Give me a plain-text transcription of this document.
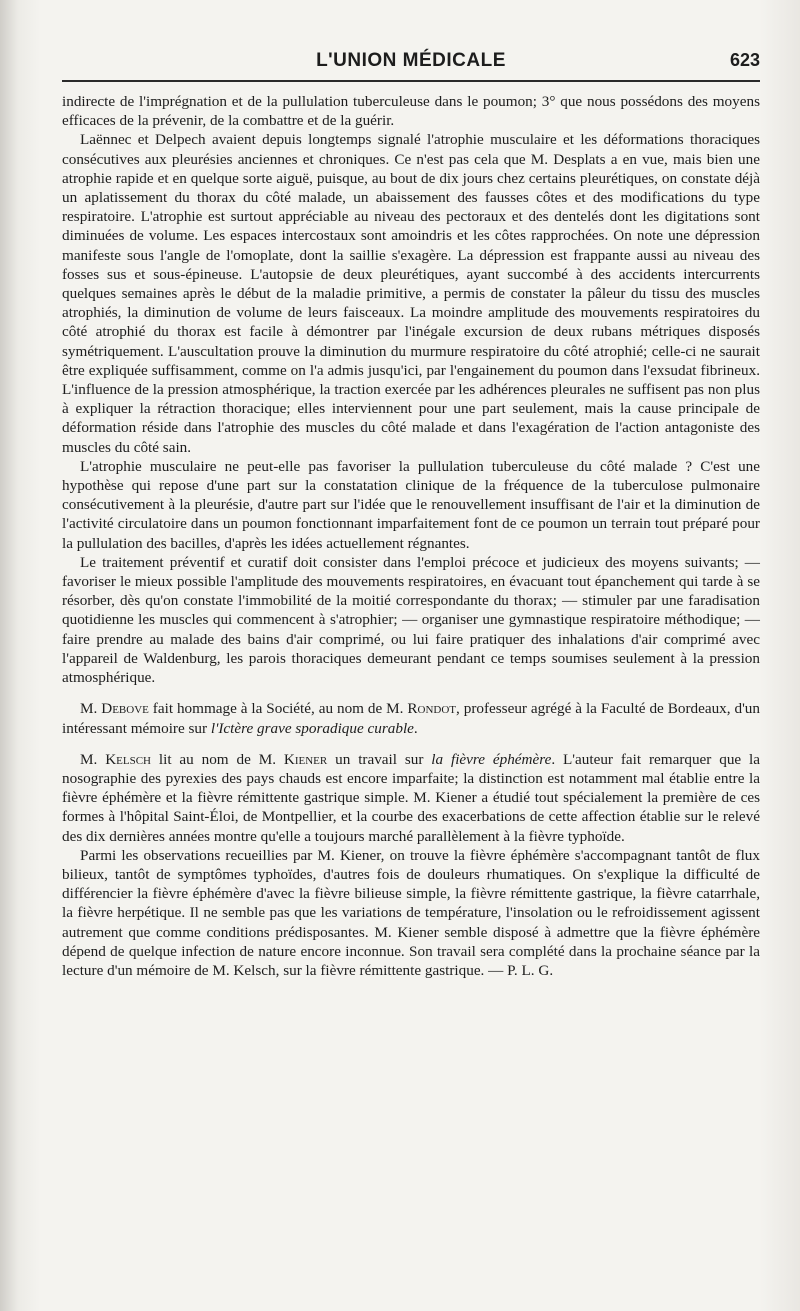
L'UNION MÉDICALE	623

indirecte de l'imprégnation et de la pullulation tuberculeuse dans le poumon; 3° que nous possédons des moyens efficaces de la prévenir, de la combattre et de la guérir.

Laënnec et Delpech avaient depuis longtemps signalé l'atrophie musculaire et les déformations thoraciques consécutives aux pleurésies anciennes et chroniques. Ce n'est pas cela que M. Desplats a en vue, mais bien une atrophie rapide et en quelque sorte aiguë, puisque, au bout de dix jours chez certains pleurétiques, on constate déjà un aplatissement du thorax du côté malade, un abaissement des fausses côtes et des modifications du type respiratoire. L'atrophie est surtout appréciable au niveau des pectoraux et des dentelés dont les digitations sont diminuées de volume. Les espaces intercostaux sont amoindris et les côtes rapprochées. On note une dépression manifeste sous l'angle de l'omoplate, dont la saillie s'exagère. La dépression est frappante aussi au niveau des fosses sus et sous-épineuse. L'autopsie de deux pleurétiques, ayant succombé à des accidents intercurrents quelques semaines après le début de la maladie primitive, a permis de constater la pâleur du tissu des muscles atrophiés, la diminution de volume de leurs faisceaux. La moindre amplitude des mouvements respiratoires du côté atrophié du thorax est facile à démontrer par l'inégale excursion de deux rubans métriques disposés symétriquement. L'auscultation prouve la diminution du murmure respiratoire du côté atrophié; celle-ci ne saurait être expliquée suffisamment, comme on l'a admis jusqu'ici, par l'engainement du poumon dans l'exsudat fibrineux. L'influence de la pression atmosphérique, la traction exercée par les adhérences pleurales ne suffisent pas non plus à expliquer la rétraction thoracique; elles interviennent pour une part seulement, mais la cause principale de déformation réside dans l'atrophie des muscles du côté malade et dans l'exagération de l'action antagoniste des muscles du côté sain.

L'atrophie musculaire ne peut-elle pas favoriser la pullulation tuberculeuse du côté malade ? C'est une hypothèse qui repose d'une part sur la constatation clinique de la fréquence de la tuberculose pulmonaire consécutivement à la pleurésie, d'autre part sur l'idée que le renouvellement insuffisant de l'air et la diminution de l'activité circulatoire dans un poumon fonctionnant imparfaitement font de ce poumon un terrain tout préparé pour la pullulation des bacilles, d'après les idées actuellement régnantes.

Le traitement préventif et curatif doit consister dans l'emploi précoce et judicieux des moyens suivants; — favoriser le mieux possible l'amplitude des mouvements respiratoires, en évacuant tout épanchement qui tarde à se résorber, dès qu'on constate l'immobilité de la moitié correspondante du thorax; — stimuler par une faradisation quotidienne les muscles qui commencent à s'atrophier; — organiser une gymnastique respiratoire méthodique; — faire prendre au malade des bains d'air comprimé, ou lui faire pratiquer des inhalations d'air comprimé avec l'appareil de Waldenburg, les parois thoraciques demeurant pendant ce temps soumises seulement à la pression atmosphérique.

M. Debove fait hommage à la Société, au nom de M. Rondot, professeur agrégé à la Faculté de Bordeaux, d'un intéressant mémoire sur l'Ictère grave sporadique curable.

M. Kelsch lit au nom de M. Kiener un travail sur la fièvre éphémère. L'auteur fait remarquer que la nosographie des pyrexies des pays chauds est encore imparfaite; la distinction est notamment mal établie entre la fièvre éphémère et la fièvre rémittente gastrique simple. M. Kiener a étudié tout spécialement la première de ces formes à l'hôpital Saint-Éloi, de Montpellier, et la courbe des exacerbations de cette affection établie sur le relevé des dix dernières années montre qu'elle a toujours marché parallèlement à la fièvre typhoïde.

Parmi les observations recueillies par M. Kiener, on trouve la fièvre éphémère s'accompagnant tantôt de flux bilieux, tantôt de symptômes typhoïdes, d'autres fois de douleurs rhumatiques. On s'explique la difficulté de différencier la fièvre éphémère d'avec la fièvre bilieuse simple, la fièvre rémittente gastrique, la fièvre catarrhale, la fièvre herpétique. Il ne semble pas que les variations de température, l'insolation ou le refroidissement agissent autrement que comme conditions prédisposantes. M. Kiener semble disposé à admettre que la fièvre éphémère dépend de quelque infection de nature encore inconnue. Son travail sera complété dans la prochaine séance par la lecture d'un mémoire de M. Kelsch, sur la fièvre rémittente gastrique. — P. L. G.
